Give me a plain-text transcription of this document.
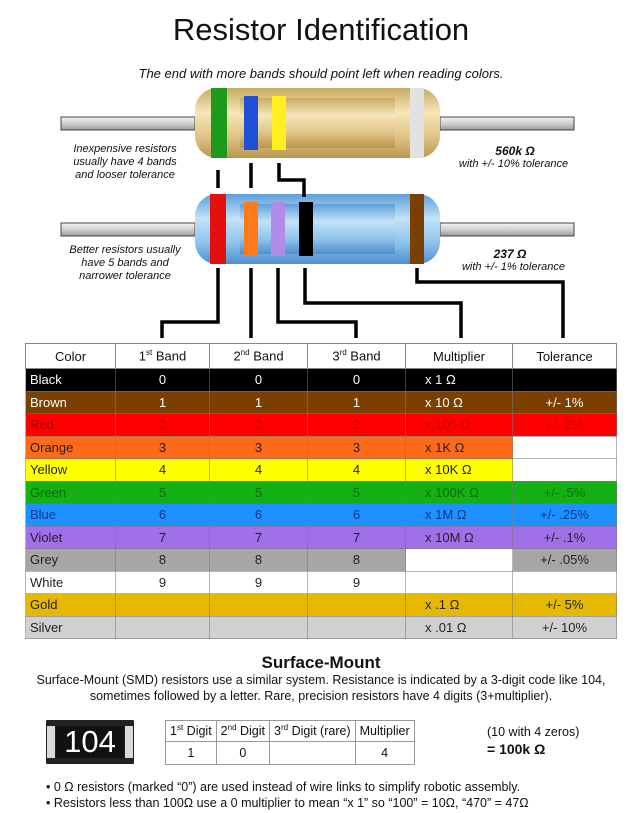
Resistor Identification
The end with more bands should point left when reading colors.
Inexpensive resistors
usually have 4 bands
and looser tolerance
560k Ω
with +/- 10% tolerance
Better resistors usually
have 5 bands and
narrower tolerance
237 Ω
with +/- 1% tolerance
Color	1st Band	2nd Band	3rd Band	Multiplier	Tolerance
Black	0	0	0	x 1 Ω	
Brown	1	1	1	x 10 Ω	+/- 1%
Red	2	2	2	x 100 Ω	+/- 2%
Orange	3	3	3	x 1K Ω	
Yellow	4	4	4	x 10K Ω	
Green	5	5	5	x 100K Ω	+/- .5%
Blue	6	6	6	x 1M Ω	+/- .25%
Violet	7	7	7	x 10M Ω	+/- .1%
Grey	8	8	8		+/- .05%
White	9	9	9		
Gold				x .1 Ω	+/- 5%
Silver				x .01 Ω	+/- 10%
Surface-Mount
Surface-Mount (SMD) resistors use a similar system. Resistance is indicated by a 3-digit code like 104, sometimes followed by a letter. Rare, precision resistors have 4 digits (3+multiplier).
104	1st Digit	2nd Digit	3rd Digit (rare)	Multiplier
1	0		4
(10 with 4 zeros)
= 100k Ω
• 0 Ω resistors (marked “0”) are used instead of wire links to simplify robotic assembly.
• Resistors less than 100Ω use a 0 multiplier to mean “x 1” so “100” = 10Ω, “470” = 47Ω
